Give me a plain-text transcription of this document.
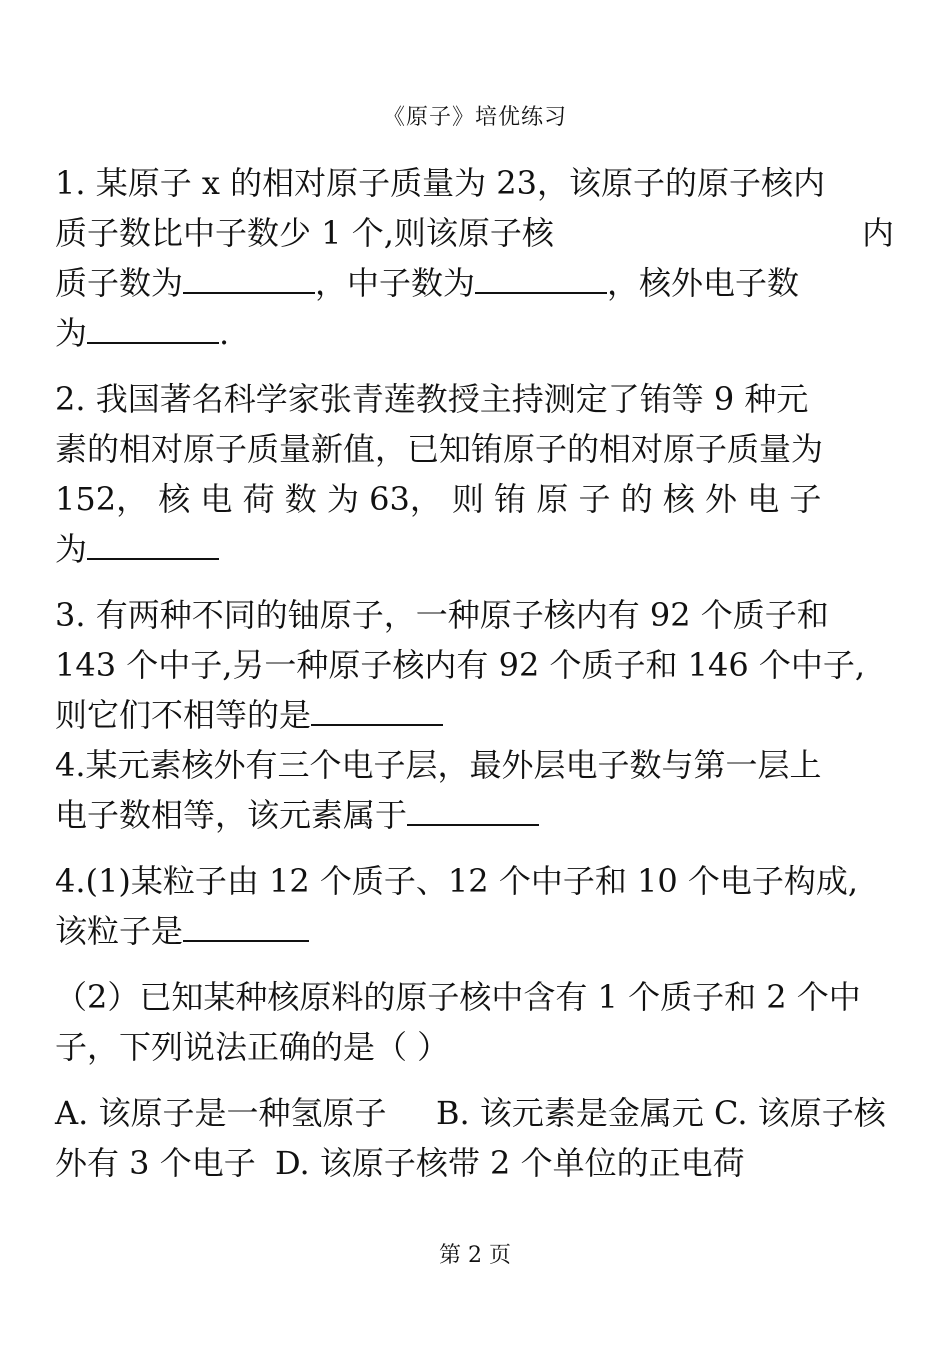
《原子》培优练习
1. 某原子 x 的相对原子质量为 23，该原子的原子核内
质子数比中子数少 1 个,则该原子核	内
质子数为	，中子数为	，核外电子数
为	.
2. 我国著名科学家张青莲教授主持测定了铕等 9 种元
素的相对原子质量新值，已知铕原子的相对原子质量为
152， 核 电 荷 数 为 63， 则 铕 原 子 的 核 外 电 子
为
3. 有两种不同的铀原子，一种原子核内有 92 个质子和
143 个中子,另一种原子核内有 92 个质子和 146 个中子,
则它们不相等的是
4.某元素核外有三个电子层，最外层电子数与第一层上
电子数相等，该元素属于
4.(1)某粒子由 12 个质子、12 个中子和 10 个电子构成,
该粒子是
（2）已知某种核原料的原子核中含有 1 个质子和 2 个中
子，下列说法正确的是（ ）
A. 该原子是一种氢原子 B. 该元素是金属元 C. 该原子核
外有 3 个电子 D. 该原子核带 2 个单位的正电荷
第 2 页
